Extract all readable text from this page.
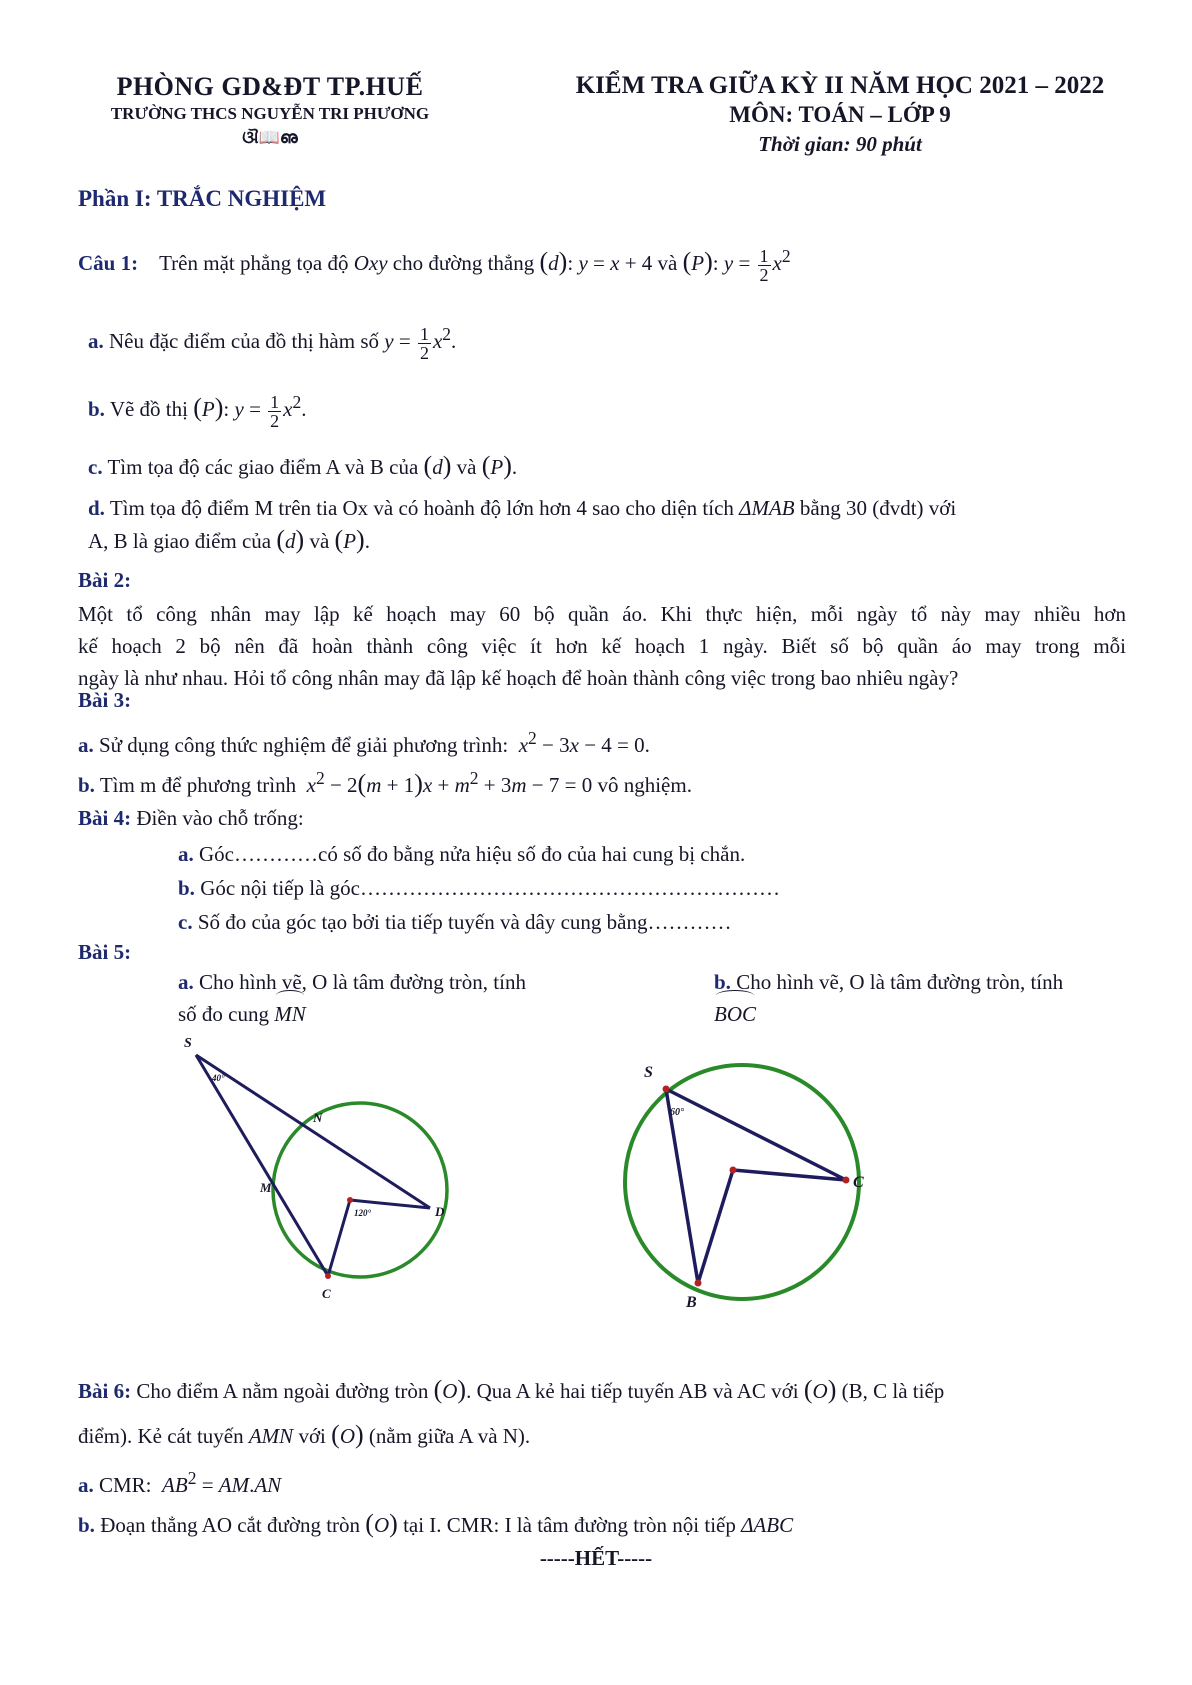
PHÒNG GD&ĐT TP.HUẾ
TRƯỜNG THCS NGUYỄN TRI PHƯƠNG
ଔ📖ഌ
KIỂM TRA GIỮA KỲ II NĂM HỌC 2021 – 2022
MÔN: TOÁN – LỚP 9
Thời gian: 90 phút
Phần I: TRẮC NGHIỆM
Câu 1: Trên mặt phẳng tọa độ Oxy cho đường thẳng (d): y = x + 4 và (P): $y = \frac{1}{2} x^2$
a. Nêu đặc điểm của đồ thị hàm số $y = \frac{1}{2} x^2$.
b. Vẽ đồ thị (P): $y = \frac{1}{2} x^2$.
c. Tìm tọa độ các giao điểm A và B của (d) và (P).
d. Tìm tọa độ điểm M trên tia Ox và có hoành độ lớn hơn 4 sao cho diện tích ΔMAB bằng 30 (đvdt) với
A, B là giao điểm của (d) và (P).
Bài 2:
Một tổ công nhân may lập kế hoạch may 60 bộ quần áo. Khi thực hiện, mỗi ngày tổ này may nhiều hơn
kế hoạch 2 bộ nên đã hoàn thành công việc ít hơn kế hoạch 1 ngày. Biết số bộ quần áo may trong mỗi
ngày là như nhau. Hỏi tổ công nhân may đã lập kế hoạch để hoàn thành công việc trong bao nhiêu ngày?
Bài 3:
a. Sử dụng công thức nghiệm để giải phương trình: $x^2 - 3x - 4 = 0$.
b. Tìm m để phương trình $x^2 - 2(m + 1)x + m^2 + 3m - 7 = 0$ vô nghiệm.
Bài 4: Điền vào chỗ trống:
a. Góc…………có số đo bằng nửa hiệu số đo của hai cung bị chắn.
b. Góc nội tiếp là góc……………………………………………………
c. Số đo của góc tạo bởi tia tiếp tuyến và dây cung bằng…………
Bài 5:
a. Cho hình vẽ, O là tâm đường tròn, tính
số đo cung MN
b. Cho hình vẽ, O là tâm đường tròn, tính
BOC
S
N
M
D
C
40°
120°
S
C
B
60°
Bài 6: Cho điểm A nằm ngoài đường tròn (O). Qua A kẻ hai tiếp tuyến AB và AC với (O) (B, C là tiếp
điểm). Kẻ cát tuyến AMN với (O) (nằm giữa A và N).
a. CMR: $AB^2 = AM.AN$
b. Đoạn thẳng AO cắt đường tròn (O) tại I. CMR: I là tâm đường tròn nội tiếp ΔABC
-----HẾT-----
